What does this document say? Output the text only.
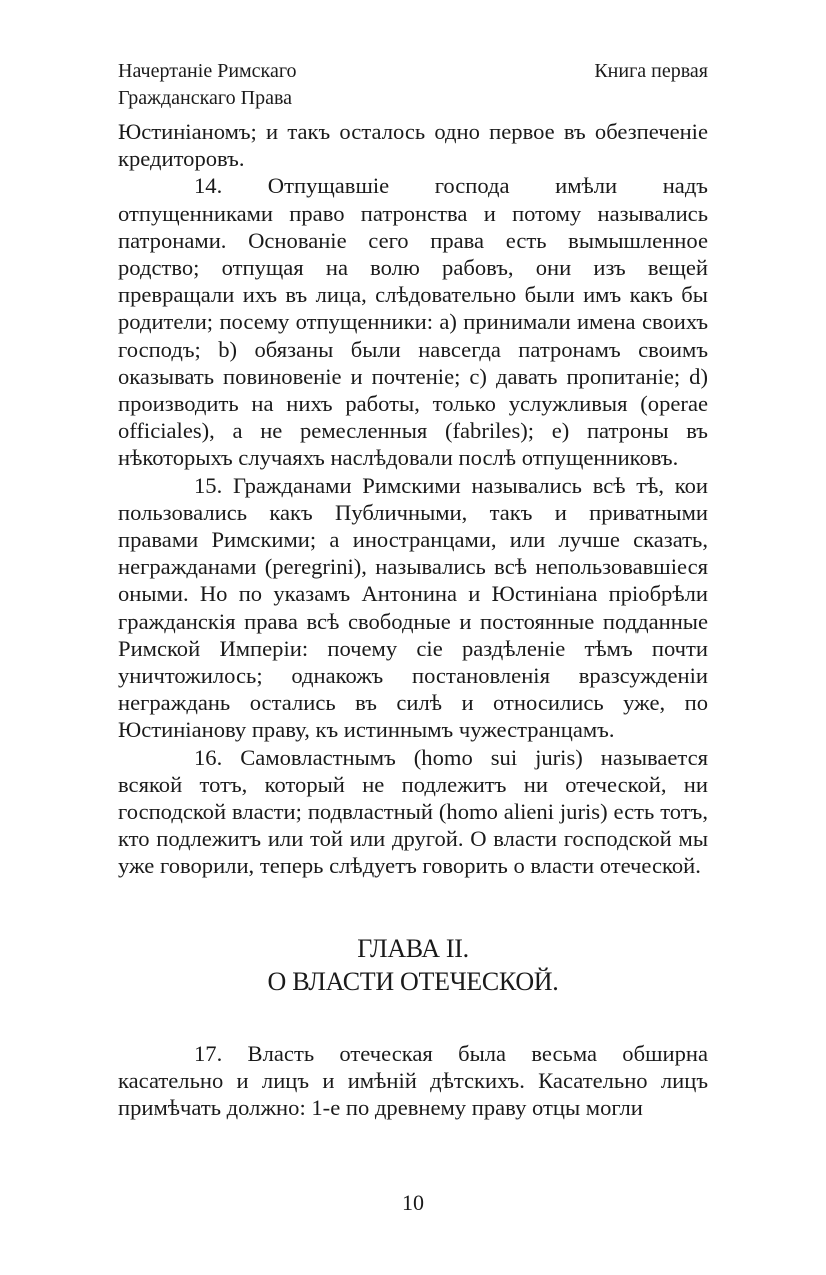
Начертаніе Римскаго
Гражданскаго Права
Книга первая

Юстиніаномъ; и такъ осталось одно первое въ обезпеченіе кредиторовъ.

14. Отпущавшіе господа имѣли надъ отпущенниками право патронства и потому назывались патронами. Основаніе сего права есть вымышленное родство; отпущая на волю рабовъ, они изъ вещей превращали ихъ въ лица, слѣдовательно были имъ какъ бы родители; посему отпущенники: a) принимали имена своихъ господъ; b) обязаны были навсегда патронамъ своимъ оказывать повиновеніе и почтеніе; c) давать пропитаніе; d) производить на нихъ работы, только услужливыя (operae officiales), а не ремесленныя (fabriles); e) патроны въ нѣкоторыхъ случаяхъ наслѣдовали послѣ отпущенниковъ.

15. Гражданами Римскими назывались всѣ тѣ, кои пользовались какъ Публичными, такъ и приватными правами Римскими; а иностранцами, или лучше сказать, негражданами (peregrini), назывались всѣ непользовавшіеся оными. Но по указамъ Антонина и Юстиніана пріобрѣли гражданскія права всѣ свободные и постоянные подданные Римской Имперіи: почему сіе раздѣленіе тѣмъ почти уничтожилось; однакожъ постановленія вразсужденіи неграждань остались въ силѣ и относились уже, по Юстиніанову праву, къ истиннымъ чужестранцамъ.

16. Самовластнымъ (homo sui juris) называется всякой тотъ, который не подлежитъ ни отеческой, ни господской власти; подвластный (homo alieni juris) есть тотъ, кто подлежитъ или той или другой. О власти господской мы уже говорили, теперь слѣдуетъ говорить о власти отеческой.

ГЛАВА II.
О ВЛАСТИ ОТЕЧЕСКОЙ.

17. Власть отеческая была весьма обширна касательно и лицъ и имѣній дѣтскихъ. Касательно лицъ примѣчать должно: 1-е по древнему праву отцы могли

10
